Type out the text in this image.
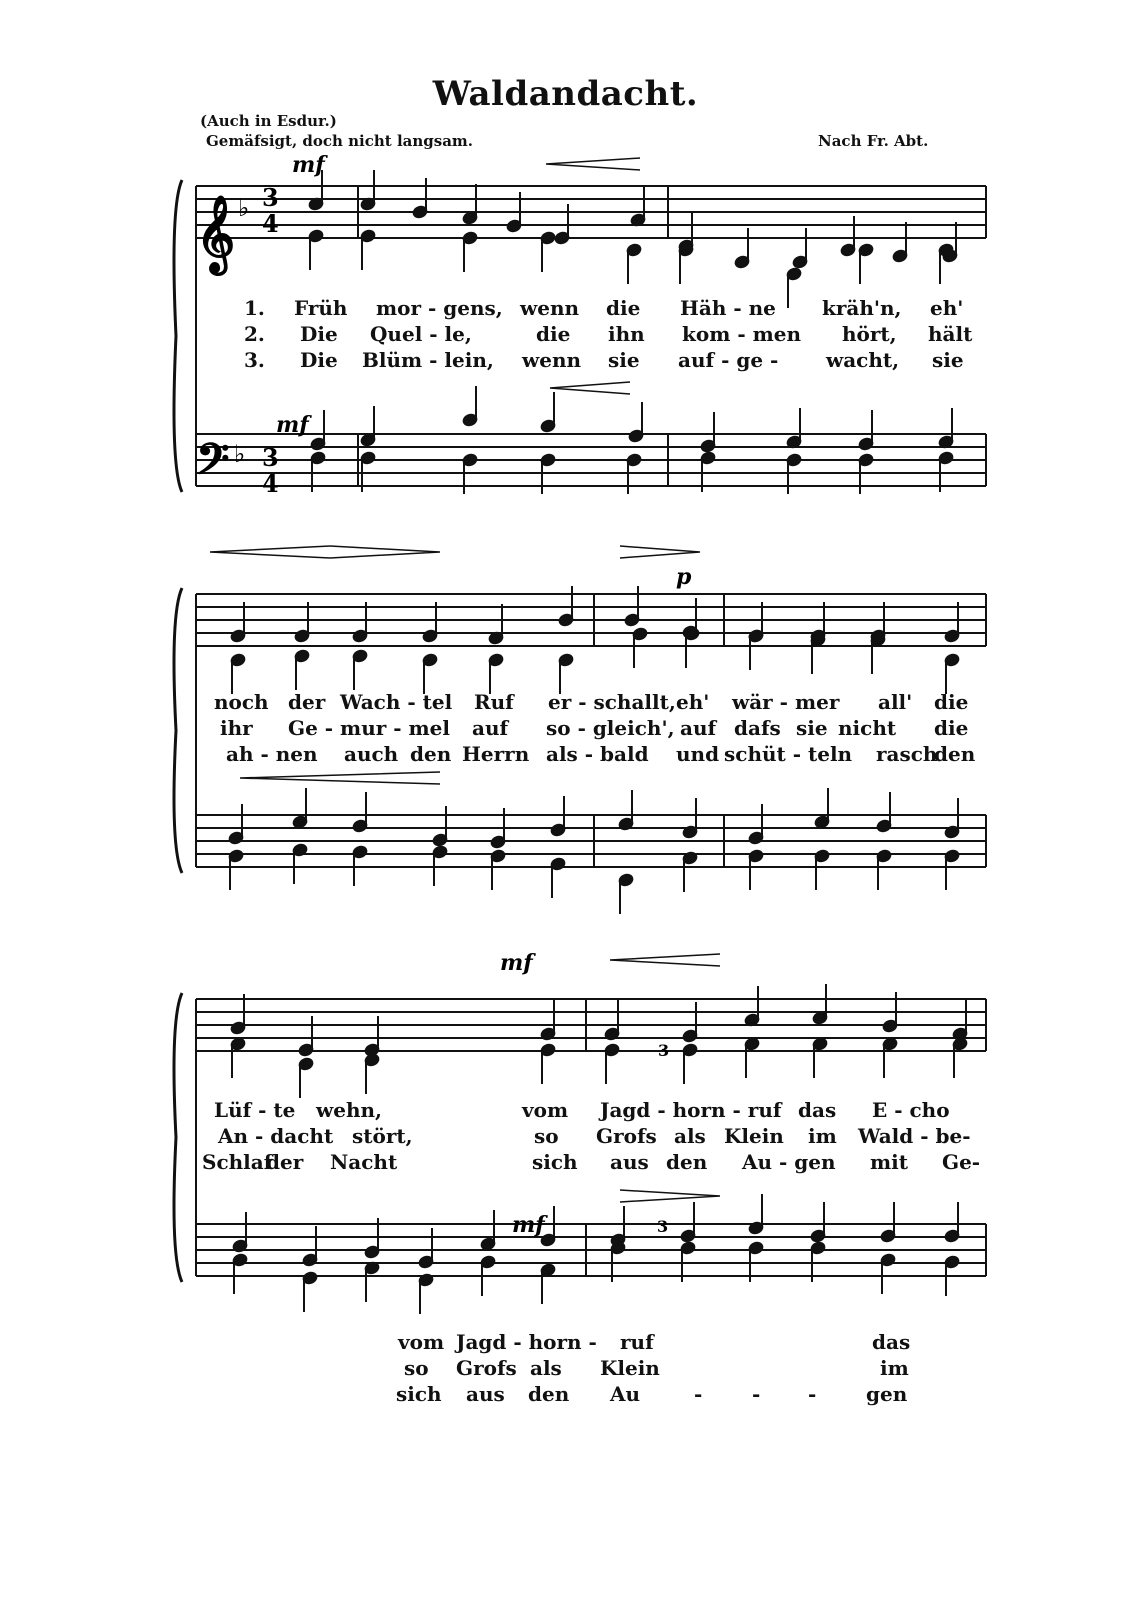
Waldandacht.
(Auch in Esdur.)
Gemäfsigt, doch nicht langsam.	Nach Fr. Abt.
𝄞
𝄢
♭
♭
3
4
3
4
mf
mf
p
mf
mf
3
3
1. Früh mor - gens, wenn die Häh - ne kräh'n, eh'
2. Die Quel - le,	die ihn kom - men hört, hält
3. Die Blüm - lein, wenn sie auf - ge - wacht, sie
noch der Wach - tel Ruf er - schallt, eh' wär - mer all' die
ihr Ge - mur - mel auf so - gleich', auf dafs sie nicht die
ah - nen auch den Herrn als - bald und schüt - teln rasch
den
Lüf - te wehn,	vom Jagd - horn - ruf das E - cho
An - dacht stört,	so Grofs als Klein im Wald - be-
Schlaf
der Nacht	sich aus den Au - gen mit Ge-
vom Jagd - horn - ruf	das
so Grofs als Klein	im
sich aus den Au	- - - gen
